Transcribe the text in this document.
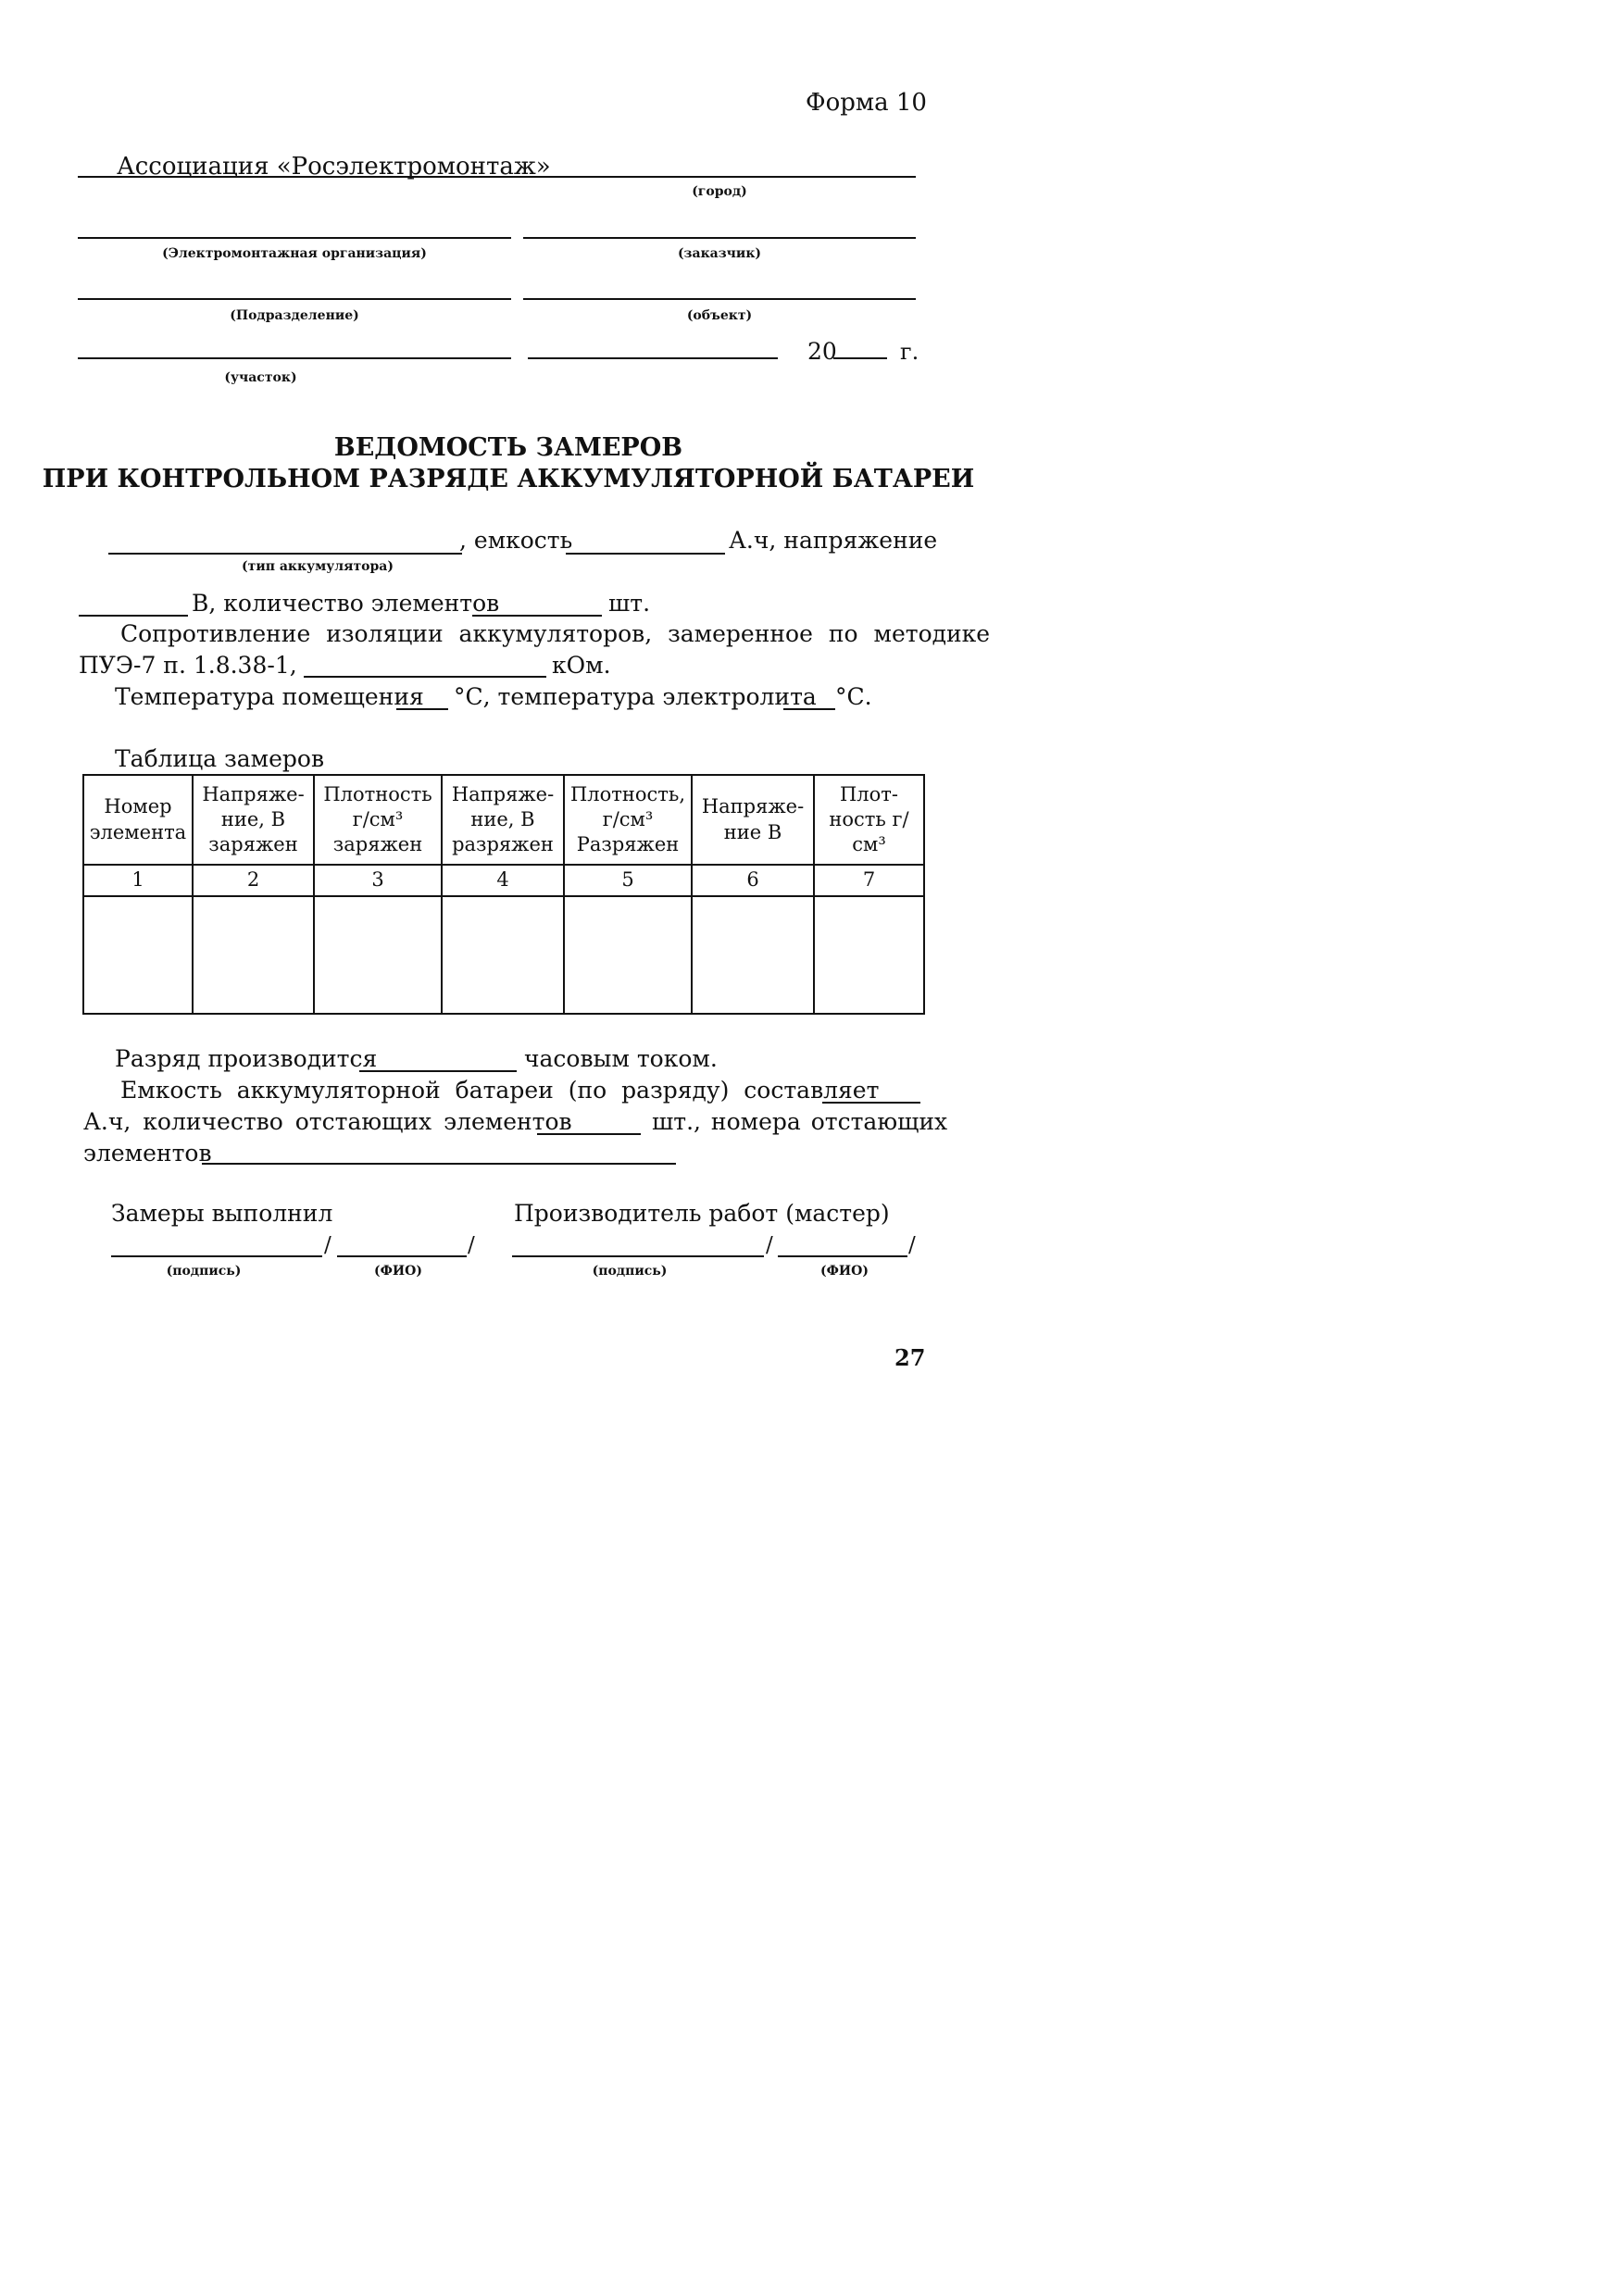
Форма 10
Ассоциация «Росэлектромонтаж»
(город)
(Электромонтажная организация)	(заказчик)
(Подразделение)	(объект)
20	г.
(участок)
ВЕДОМОСТЬ ЗАМЕРОВ
ПРИ КОНТРОЛЬНОМ РАЗРЯДЕ АККУМУЛЯТОРНОЙ БАТАРЕИ
, емкость	А.ч, напряжение
(тип аккумулятора)
В, количество элементов	шт.
Сопротивление изоляции аккумуляторов, замеренное по методике
ПУЭ-7 п. 1.8.38-1,	кОм.
Температура помещения °С, температура электролита °С.
Таблица замеров
Номер элемента	Напряже-ние, В заряжен	Плотность г/см³ заряжен	Напряже-ние, В разряжен	Плотность, г/см³ Разряжен	Напряже-ние В	Плот-ность г/см³
1	2	3	4	5	6	7

Разряд производится	часовым током.
Емкость аккумуляторной батареи (по разряду) составляет
А.ч, количество отстающих элементов	шт., номера отстающих
элементов
Замеры выполнил	Производитель работ (мастер)
/	/	/	/
(подпись)	(ФИО)	(подпись)	(ФИО)
27
